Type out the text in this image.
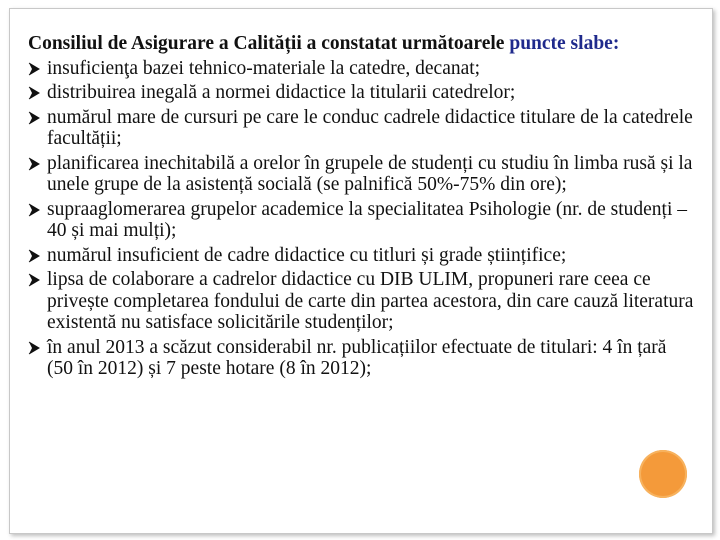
Consiliul de Asigurare a Calității a constatat următoarele puncte slabe:

insuficienţa bazei tehnico-materiale la catedre, decanat;
distribuirea inegală a normei didactice la titularii catedrelor;
numărul mare de cursuri pe care le conduc cadrele didactice titulare de la catedrele facultății;
planificarea inechitabilă a orelor în grupele de studenți cu studiu în limba rusă și la unele grupe de la asistență socială (se palnifică 50%-75% din ore);
supraaglomerarea grupelor academice la specialitatea Psihologie (nr. de studenți – 40 și mai mulți);
numărul insuficient de cadre didactice cu titluri și grade științifice;
lipsa de colaborare a cadrelor didactice cu DIB ULIM, propuneri rare ceea ce privește completarea fondului de carte din partea acestora, din care cauză literatura existentă nu satisface solicitările studenților;
în anul 2013 a scăzut considerabil nr. publicațiilor efectuate de titulari: 4 în țară (50 în 2012) și 7 peste hotare (8 în 2012);
